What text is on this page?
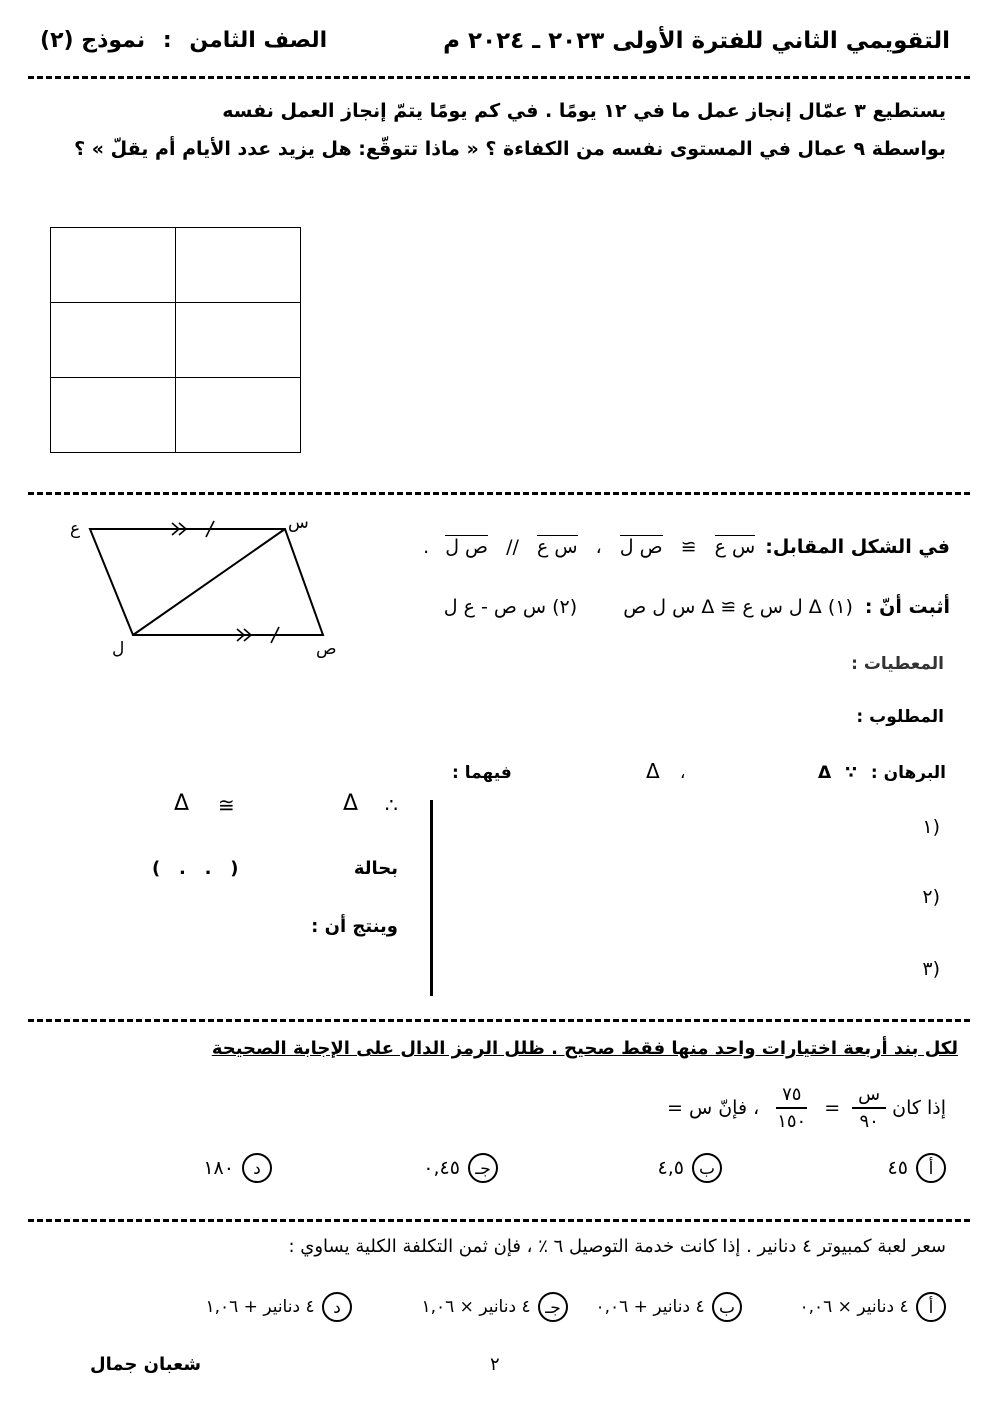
التقويمي الثاني للفترة الأولى ٢٠٢٣ ـ ٢٠٢٤ م
الصف الثامن : نموذج (٢)
يستطيع ٣ عمّال إنجاز عمل ما في ١٢ يومًا . في كم يومًا يتمّ إنجاز العمل نفسه
بواسطة ٩ عمال في المستوى نفسه من الكفاءة ؟ « ماذا تتوقّع: هل يزيد عدد الأيام أم يقلّ » ؟

ع	س
ل	ص
في الشكل المقابل: س ع ≅ ص ل ، س ع // ص ل .
أثبت أنّ : (١) Δ ل س ع ≅ Δ س ل ص (٢) س ص - ع ل
المعطيات :
المطلوب :
البرهان : ∵ Δ
Δ ،
فيهما :
١)
٢)
٣)
∴
Δ
≅
Δ
بحالة
(   .   .   )
وينتج أن :
لكل بند أربعة اختيارات واحد منها فقط صحيح . ظلل الرمز الدال على الإجابة الصحيحة
إذا كان
$\frac{\text{س}}{٩٠}$
=
$\frac{٧٥}{١٥٠}$
، فإنّ س =
أ ٤٥
ب ٤,٥
جـ ٠,٤٥
د ١٨٠
سعر لعبة كمبيوتر ٤ دنانير . إذا كانت خدمة التوصيل ٦ ٪ ، فإن ثمن التكلفة الكلية يساوي :
أ ٤ دنانير × ٠,٠٦
ب ٤ دنانير + ٠,٠٦
جـ ٤ دنانير × ١,٠٦
د ٤ دنانير + ١,٠٦
٢
شعبان جمال
